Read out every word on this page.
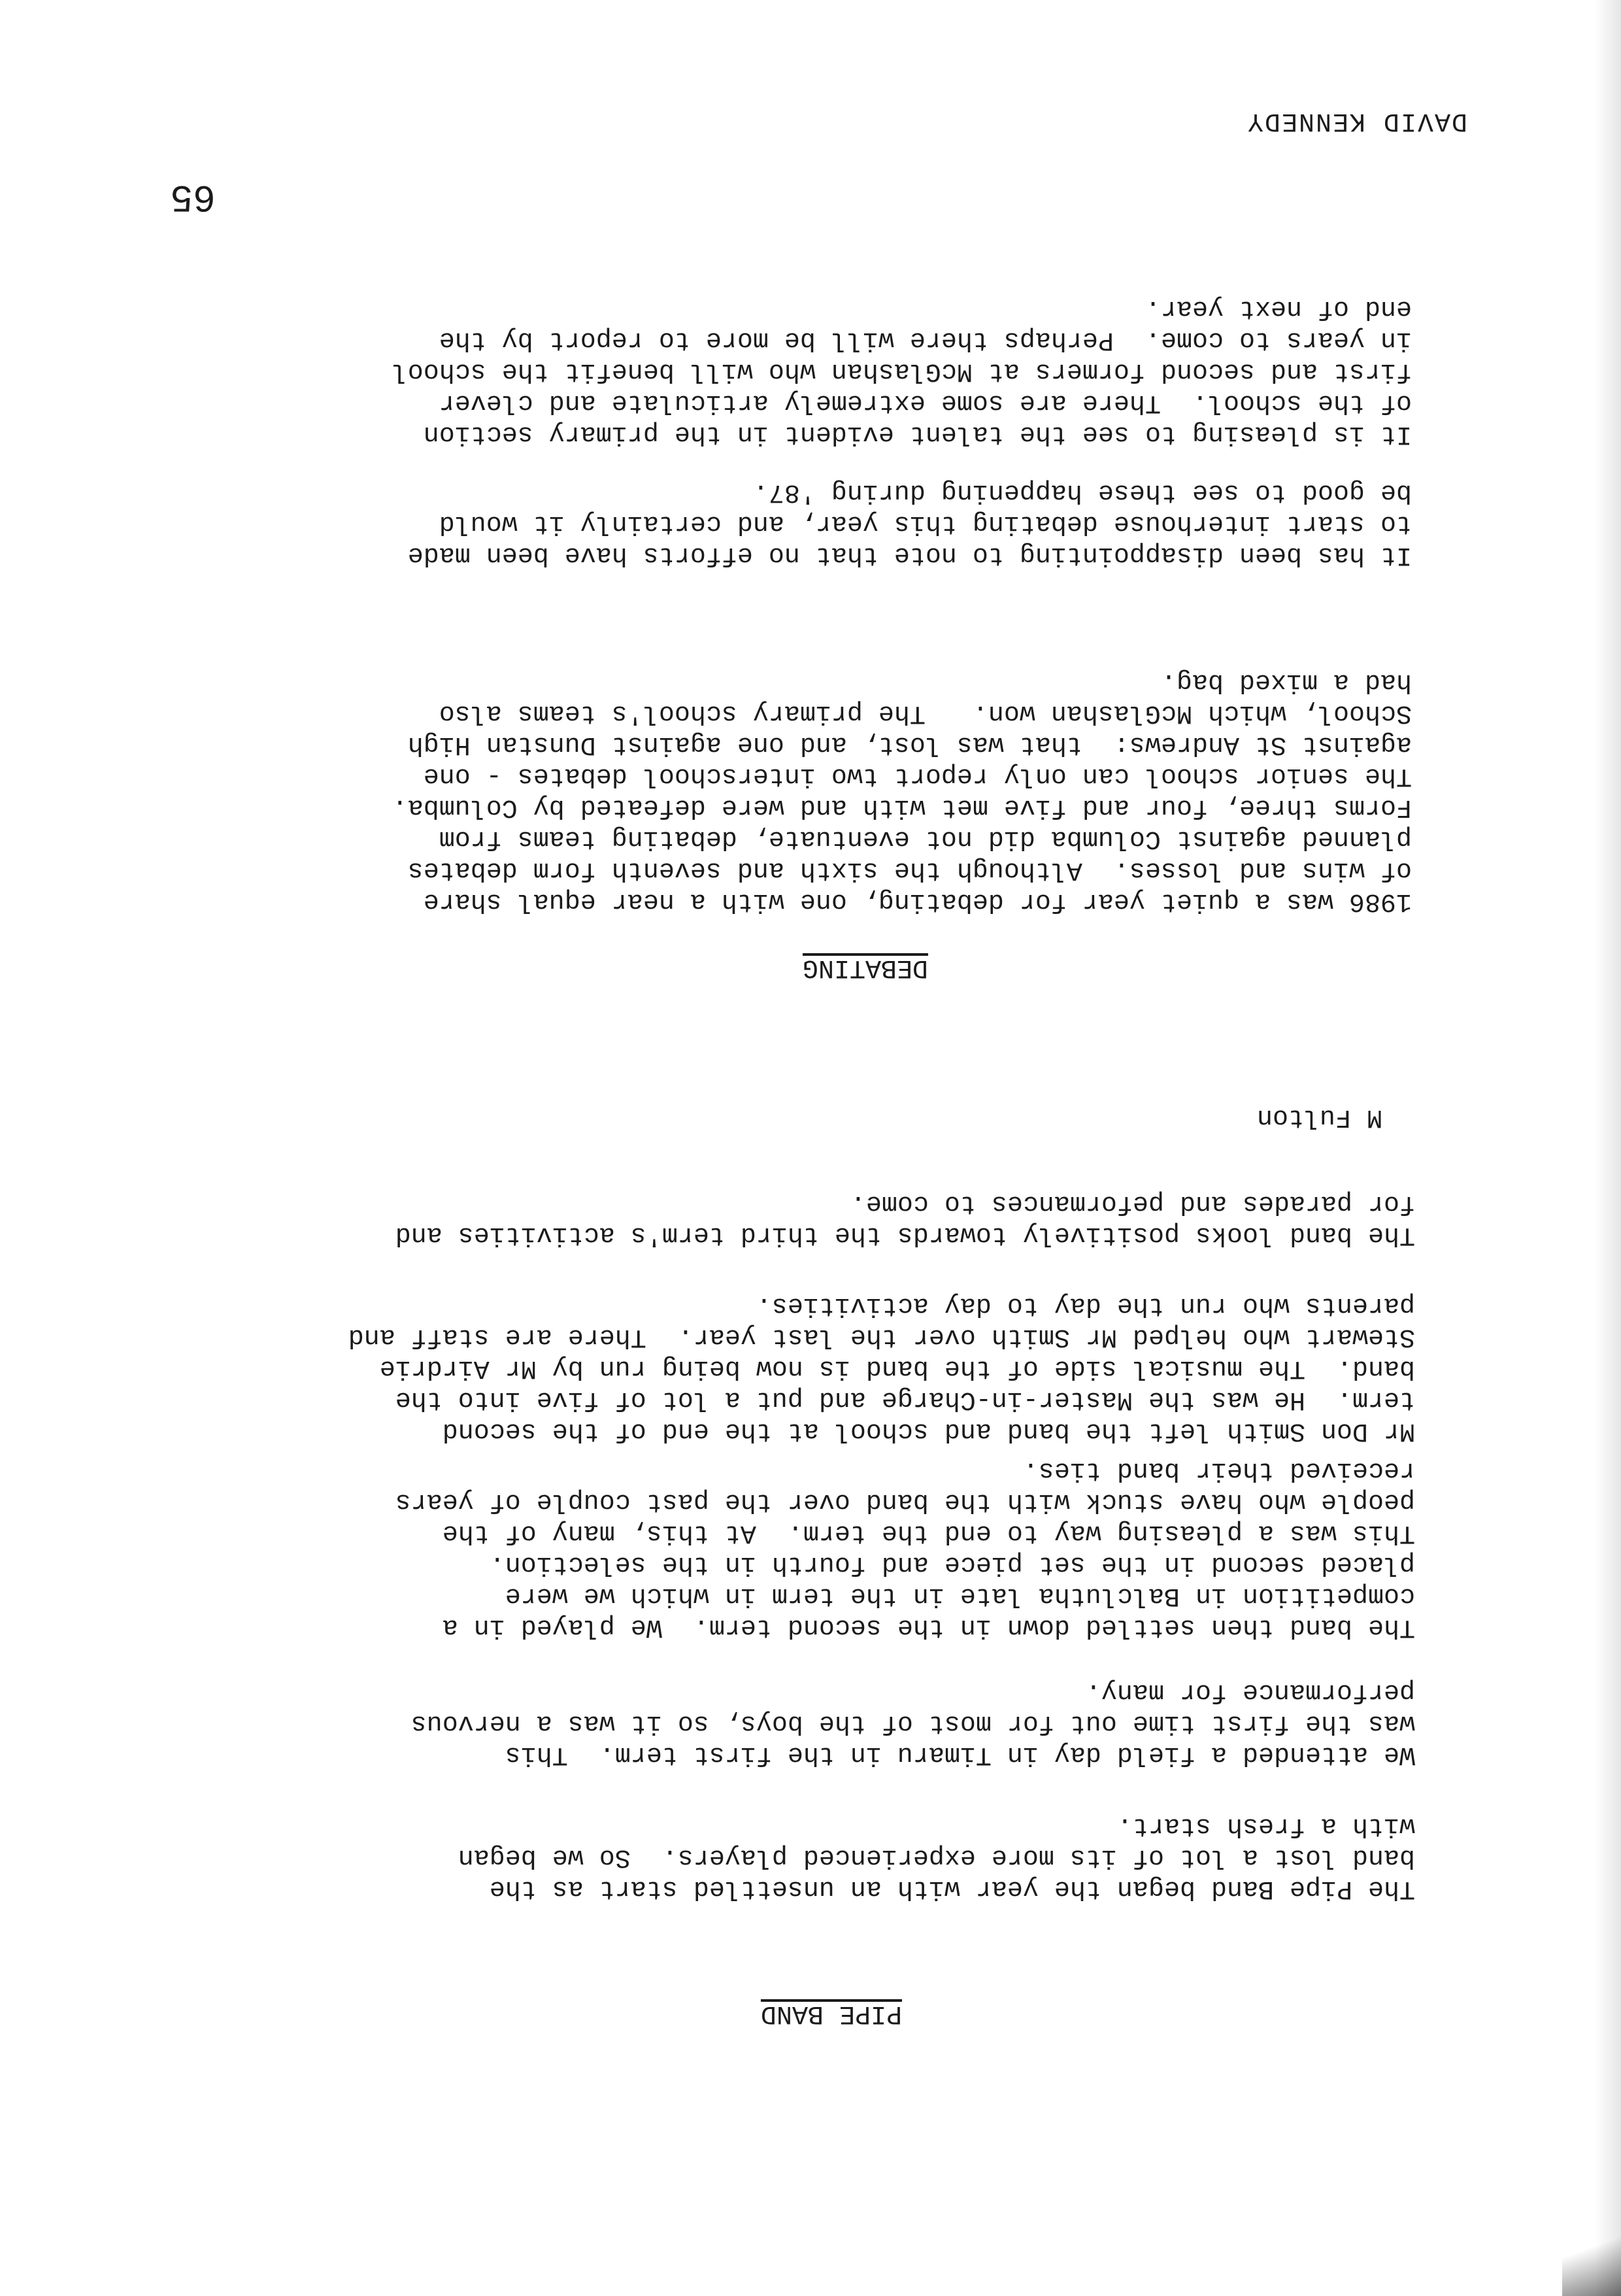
65
DAVID KENNEDY
DEBATING

It is pleasing to see the talent evident in the primary section
of the school.  There are some extremely articulate and clever
first and second formers at McGlashan who will benefit the school
in years to come.  Perhaps there will be more to report by the
end of next year.

It has been disappointing to note that no efforts have been made
to start interhouse debating this year, and certainly it would
be good to see these happening during '87.

1986 was a quiet year for debating, one with a near equal share
of wins and losses.  Although the sixth and seventh form debates
planned against Columba did not eventuate, debating teams from
Forms three, four and five met with and were defeated by Columba.
The senior school can only report two interschool debates - one
against St Andrews:  that was lost, and one against Dunstan High
School, which McGlashan won.   The primary school's teams also
had a mixed bag.

M Fulton

The band looks positively towards the third term's activities and
for parades and peformances to come.

Mr Don Smith left the band and school at the end of the second
term.  He was the Master-in-Charge and put a lot of five into the
band.  The musical side of the band is now being run by Mr Airdrie
Stewart who helped Mr Smith over the last year.  There are staff and
parents who run the day to day activities.

The band then settled down in the second term.  We played in a
competition in Balclutha late in the term in which we were
placed second in the set piece and fourth in the selection.
This was a pleasing way to end the term.  At this, many of the
people who have stuck with the band over the past couple of years
received their band ties.

We attended a field day in Timaru in the first term.  This
was the first time out for most of the boys, so it was a nervous
performance for many.

The Pipe Band began the year with an unsettled start as the
band lost a lot of its more experienced players.  So we began
with a fresh start.

PIPE BAND
